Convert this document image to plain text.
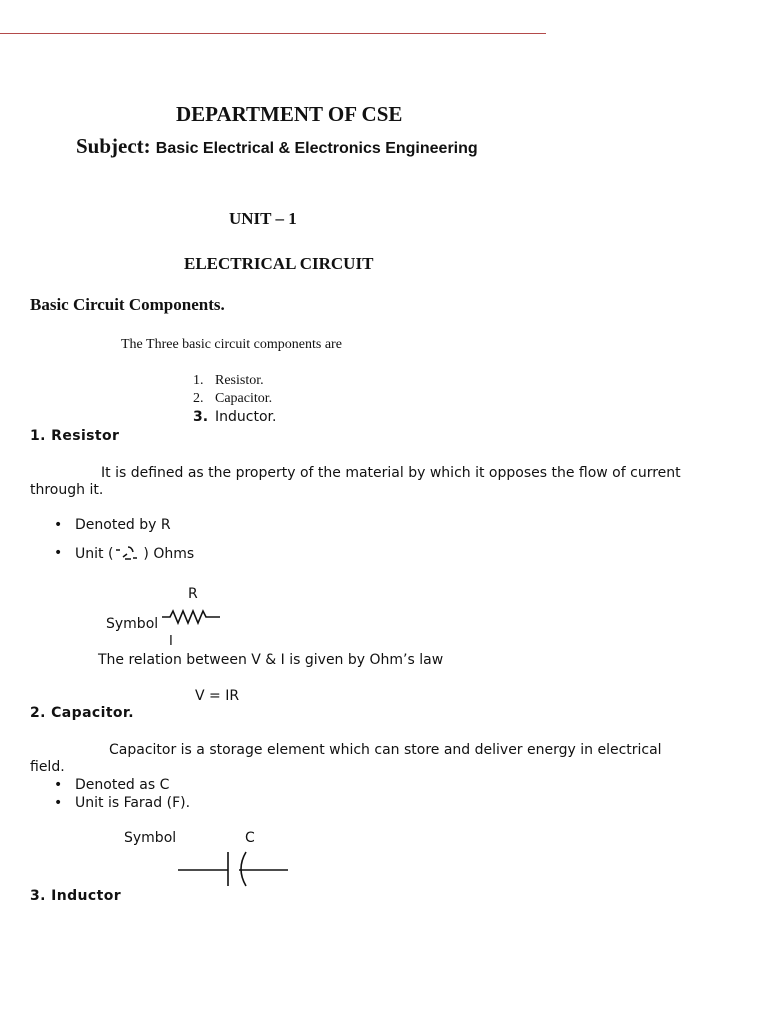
DEPARTMENT OF CSE
Subject: Basic Electrical & Electronics Engineering
UNIT – 1
ELECTRICAL CIRCUIT
Basic Circuit Components.
The Three basic circuit components are
1. Resistor.
2. Capacitor.
3. Inductor.
1. Resistor
It is defined as the property of the material by which it opposes the flow of current
through it.
• Denoted by R
• Unit ( ) Ohms
R
Symbol
I
The relation between V & I is given by Ohm’s law
V = IR
2. Capacitor.
Capacitor is a storage element which can store and deliver energy in electrical
field.
• Denoted as C
• Unit is Farad (F).
Symbol	C
3. Inductor
